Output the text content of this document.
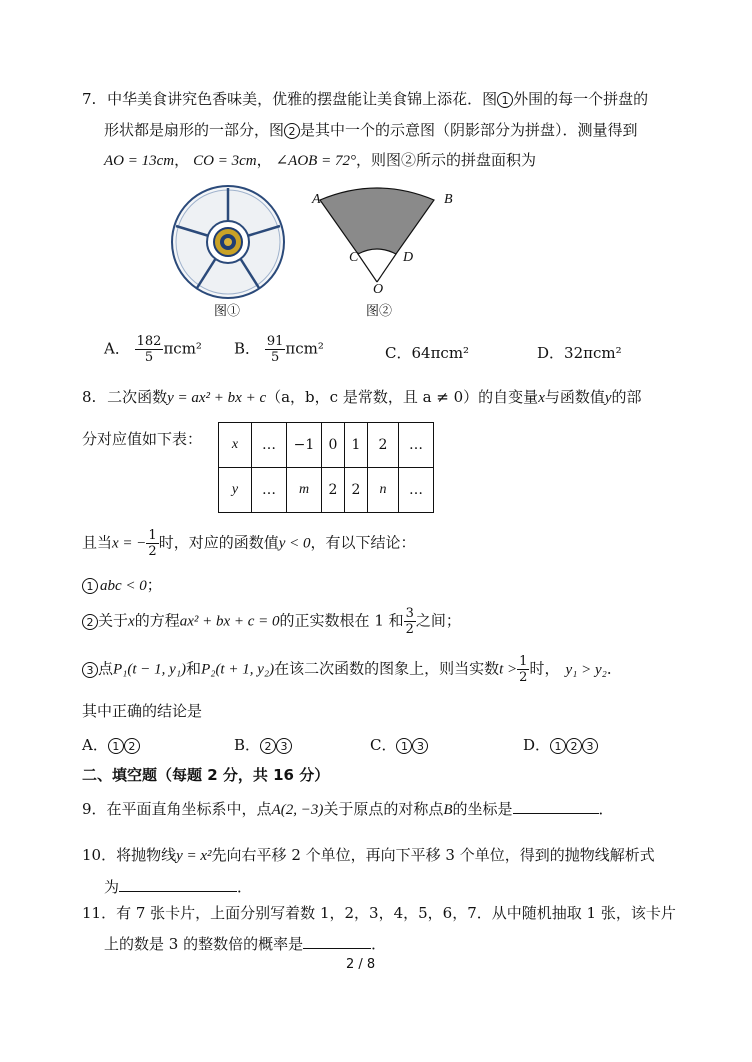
7. 中华美食讲究色香味美，优雅的摆盘能让美食锦上添花．图 1 外围的每一个拼盘的
形状都是扇形的一部分，图 2 是其中一个的示意图（阴影部分为拼盘）．测量得到
AO = 13cm， CO = 3cm， ∠AOB = 72°，则图②所示的拼盘面积为
图①
A	B
C	D
O
图②
A． $\frac{182}{5} \pi cm^2$ B． $\frac{91}{5} \pi cm^2$	C．64πcm²	D．32πcm²
8. 二次函数y = ax² + bx + c（a，b，c 是常数，且 a ≠ 0）的自变量x与函数值y的部
分对应值如下表： x	…	−1	0	1	2	…
y	…	m	2	2	n	…
且当x = − $\frac{1}{2}$ 时，对应的函数值y < 0，有以下结论：
1 abc < 0；
2 关于x的方程ax² + bx + c = 0的正实数根在 1 和 $\frac{3}{2}$ 之间；
3 点P₁(t − 1, y₁)和P₂(t + 1, y₂)在该二次函数的图象上，则当实数$t > \frac{1}{2}$ 时， y₁ > y₂．
其中正确的结论是
A． 1 2	B． 2 3	C． 1 3	D． 1 2 3
二、填空题（每题 2 分，共 16 分）
9．在平面直角坐标系中，点A(2, −3)关于原点的对称点B的坐标是	．
10．将抛物线y = x²先向右平移 2 个单位，再向下平移 3 个单位，得到的抛物线解析式
为	．
11．有 7 张卡片，上面分别写着数 1，2，3，4，5，6，7．从中随机抽取 1 张，该卡片
上的数是 3 的整数倍的概率是	．
2 / 8
